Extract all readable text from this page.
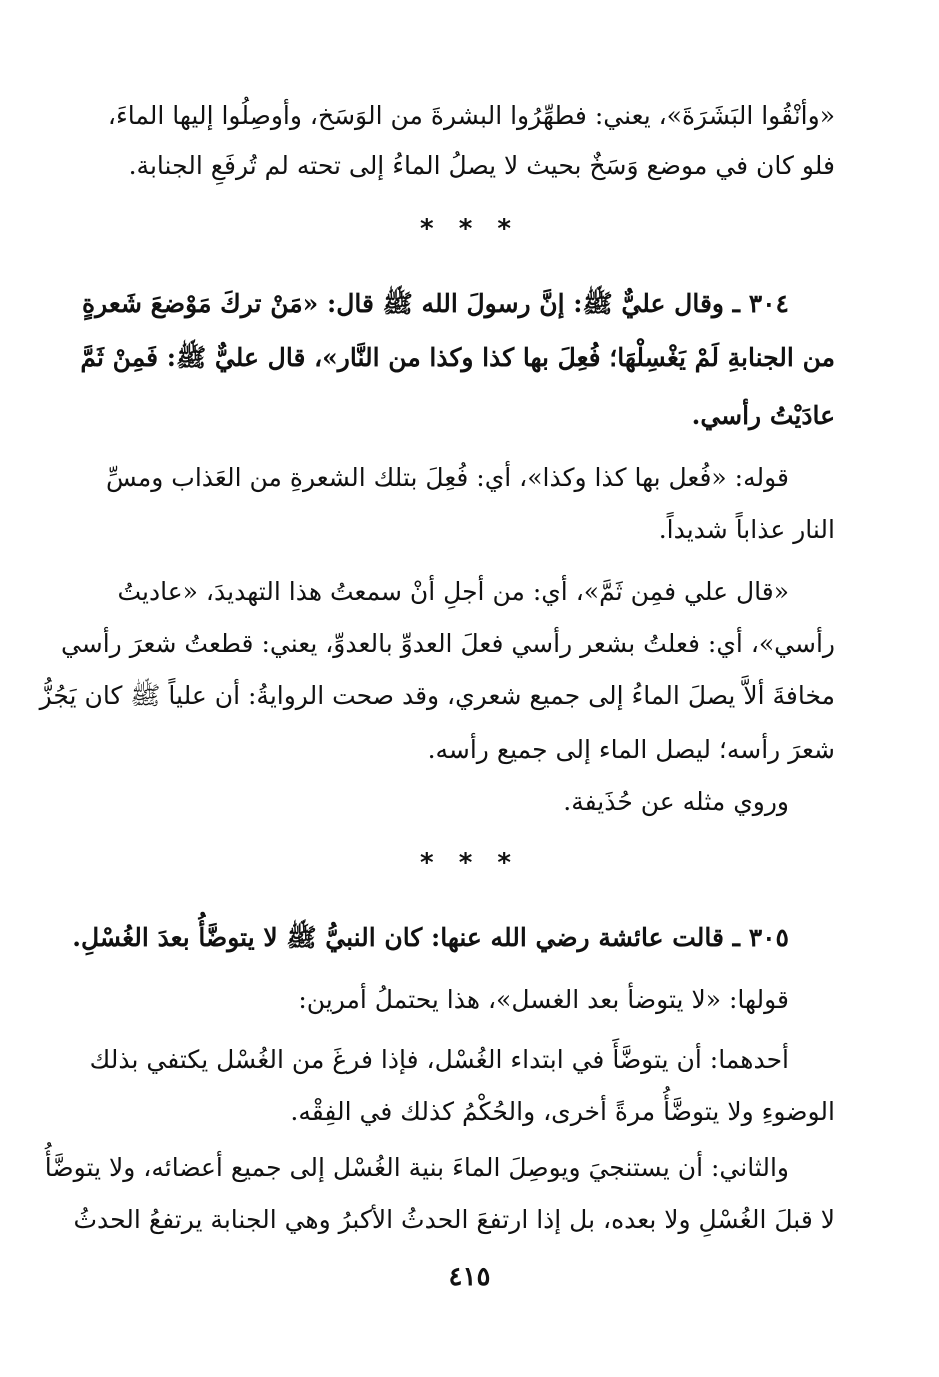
«وأنْقُوا البَشَرَةَ»، يعني: فطهِّرُوا البشرةَ من الوَسَخ، وأوصِلُوا إليها الماءَ،
فلو كان في موضع وَسَخٌ بحيث لا يصلُ الماءُ إلى تحته لم تُرفَعِ الجنابة.
* * *
٣٠٤ ـ وقال عليٌّ ﷺ: إنَّ رسولَ الله ﷺ قال: «مَنْ تركَ مَوْضعَ شَعرةٍ
من الجنابةِ لَمْ يَغْسِلْهَا؛ فُعِلَ بها كذا وكذا من النَّار»، قال عليٌّ ﷺ: فَمِنْ ثَمَّ
عادَيْتُ رأسي.
قوله: «فُعل بها كذا وكذا»، أي: فُعِلَ بتلك الشعرةِ من العَذاب ومسِّ
النار عذاباً شديداً.
«قال علي فمِن ثَمَّ»، أي: من أجلِ أنْ سمعتُ هذا التهديدَ، «عاديتُ
رأسي»، أي: فعلتُ بشعر رأسي فعلَ العدوِّ بالعدوِّ، يعني: قطعتُ شعرَ رأسي
مخافةَ ألاَّ يصلَ الماءُ إلى جميع شعري، وقد صحت الروايةُ: أن علياً ﷺ كان يَجُزُّ
شعرَ رأسه؛ ليصل الماء إلى جميع رأسه.
وروي مثله عن حُذَيفة.
* * *
٣٠٥ ـ قالت عائشة رضي الله عنها: كان النبيُّ ﷺ لا يتوضَّأُ بعدَ الغُسْلِ.
قولها: «لا يتوضأ بعد الغسل»، هذا يحتملُ أمرين:
أحدهما: أن يتوضَّأَ في ابتداء الغُسْل، فإذا فرغَ من الغُسْل يكتفي بذلك
الوضوءِ ولا يتوضَّأُ مرةً أخرى، والحُكْمُ كذلك في الفِقْه.
والثاني: أن يستنجيَ ويوصِلَ الماءَ بنية الغُسْل إلى جميع أعضائه، ولا يتوضَّأُ
لا قبلَ الغُسْلِ ولا بعده، بل إذا ارتفعَ الحدثُ الأكبرُ وهي الجنابة يرتفعُ الحدثُ
٤١٥
